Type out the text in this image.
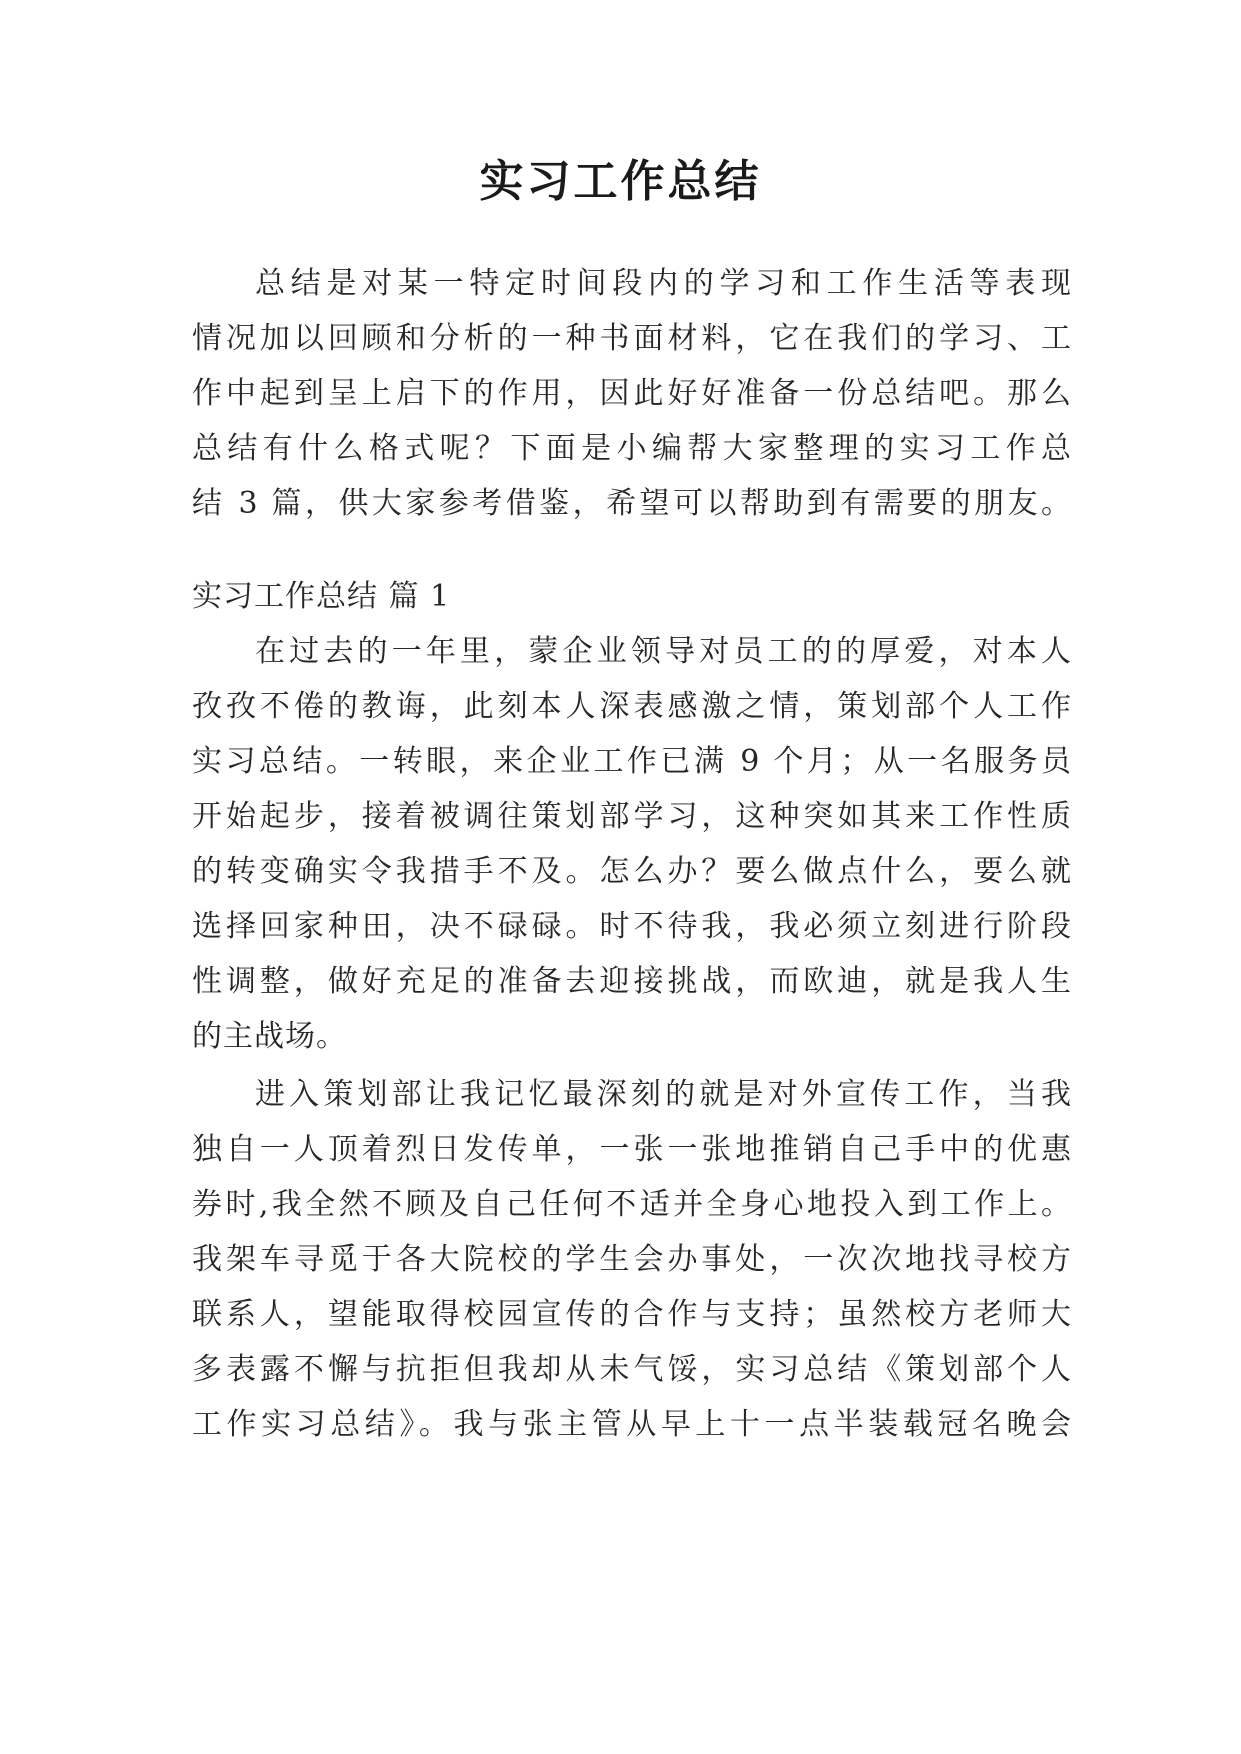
实习工作总结
总结是对某一特定时间段内的学习和工作生活等表现
情况加以回顾和分析的一种书面材料，它在我们的学习、工
作中起到呈上启下的作用，因此好好准备一份总结吧。那么
总结有什么格式呢？下面是小编帮大家整理的实习工作总
结 3 篇，供大家参考借鉴，希望可以帮助到有需要的朋友。
实习工作总结 篇 1
在过去的一年里，蒙企业领导对员工的的厚爱，对本人
孜孜不倦的教诲，此刻本人深表感激之情，策划部个人工作
实习总结。一转眼，来企业工作已满 9 个月；从一名服务员
开始起步，接着被调往策划部学习，这种突如其来工作性质
的转变确实令我措手不及。怎么办？要么做点什么，要么就
选择回家种田，决不碌碌。时不待我，我必须立刻进行阶段
性调整，做好充足的准备去迎接挑战，而欧迪，就是我人生
的主战场。
进入策划部让我记忆最深刻的就是对外宣传工作，当我
独自一人顶着烈日发传单，一张一张地推销自己手中的优惠
券时,我全然不顾及自己任何不适并全身心地投入到工作上。
我架车寻觅于各大院校的学生会办事处，一次次地找寻校方
联系人，望能取得校园宣传的合作与支持；虽然校方老师大
多表露不懈与抗拒但我却从未气馁，实习总结《策划部个人
工作实习总结》。我与张主管从早上十一点半装载冠名晚会
